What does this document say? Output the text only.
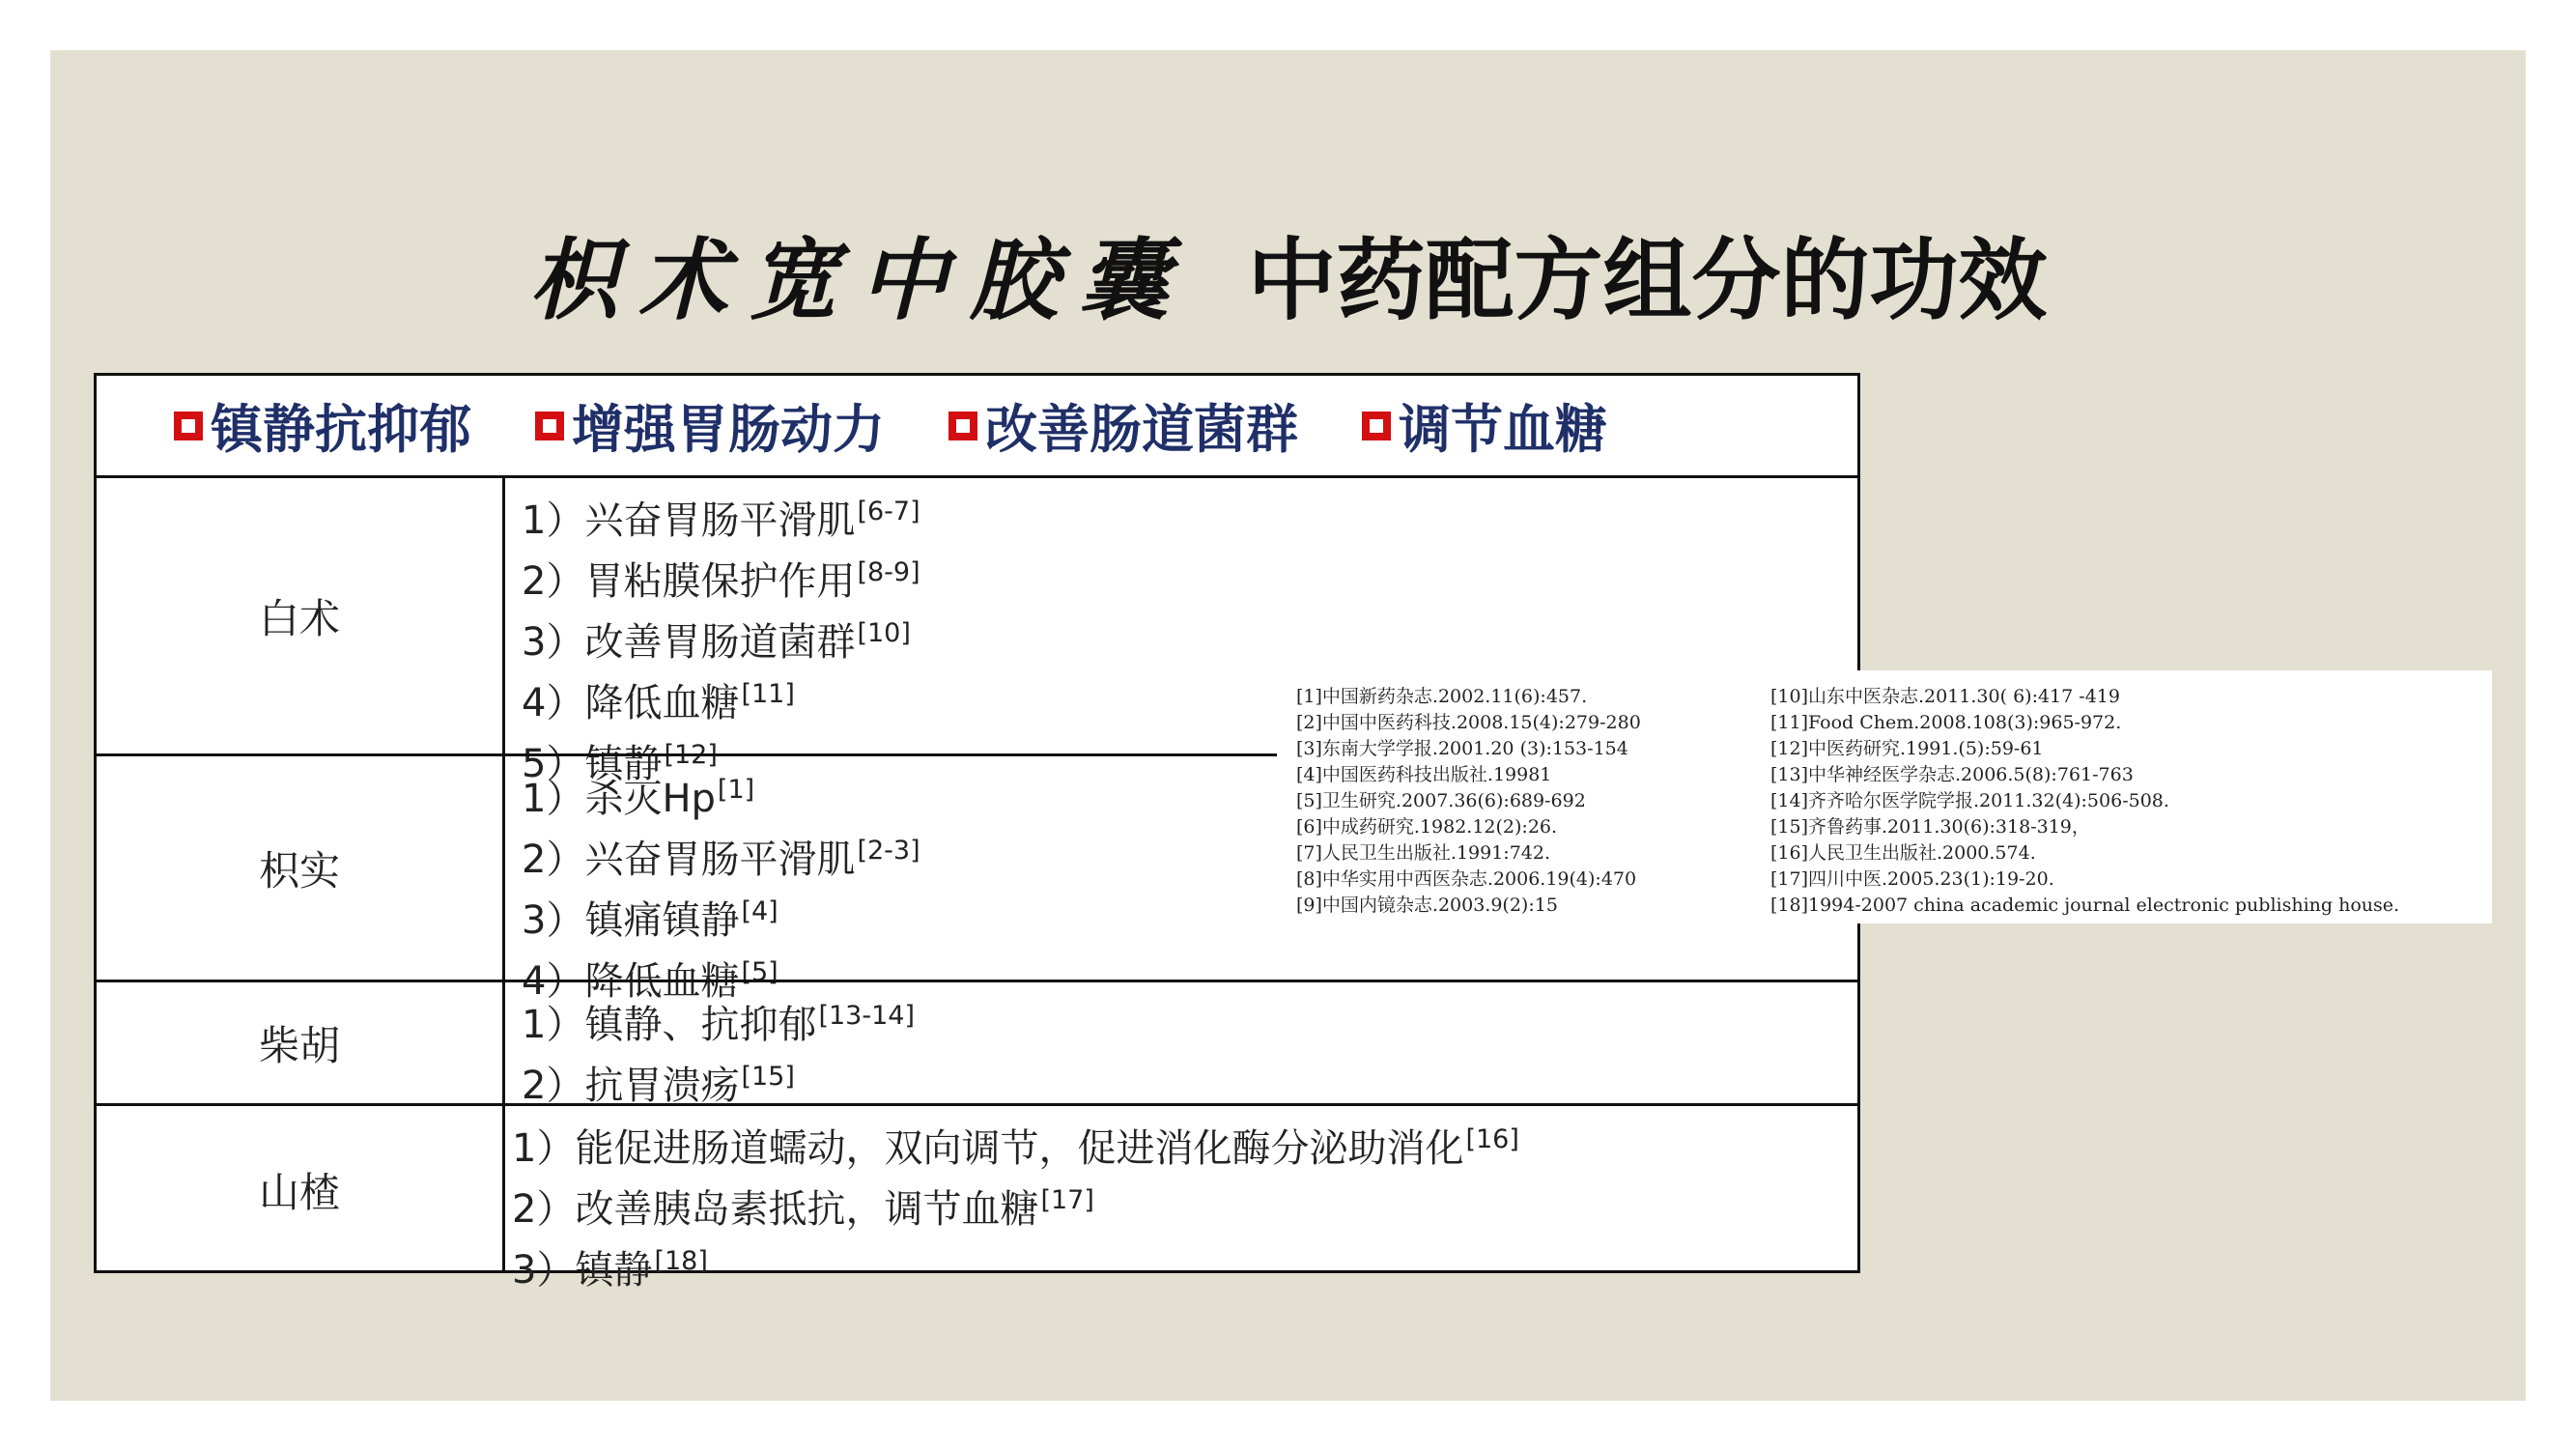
枳术宽中胶囊 中药配方组分的功效
镇静抗抑郁 增强胃肠动力 改善肠道菌群 调节血糖
白术
1）兴奋胃肠平滑肌[6-7]
2）胃粘膜保护作用[8-9]
3）改善胃肠道菌群[10]
4）降低血糖[11]
5）镇静[12]
枳实
1）杀灭Hp[1]
2）兴奋胃肠平滑肌[2-3]
3）镇痛镇静[4]
4）降低血糖[5]
柴胡	1）镇静、抗抑郁[13-14]
2）抗胃溃疡[15]
山楂
1）能促进肠道蠕动，双向调节，促进消化酶分泌助消化[16]
2）改善胰岛素抵抗，调节血糖[17]
3）镇静[18]
[1]中国新药杂志.2002.11(6):457.
[2]中国中医药科技.2008.15(4):279-280
[3]东南大学学报.2001.20 (3):153-154
[4]中国医药科技出版社.19981
[5]卫生研究.2007.36(6):689-692
[6]中成药研究.1982.12(2):26.
[7]人民卫生出版社.1991:742.
[8]中华实用中西医杂志.2006.19(4):470
[9]中国内镜杂志.2003.9(2):15
[10]山东中医杂志.2011.30( 6):417 -419
[11]Food Chem.2008.108(3):965-972.
[12]中医药研究.1991.(5):59-61
[13]中华神经医学杂志.2006.5(8):761-763
[14]齐齐哈尔医学院学报.2011.32(4):506-508.
[15]齐鲁药事.2011.30(6):318-319，
[16]人民卫生出版社.2000.574.
[17]四川中医.2005.23(1):19-20.
[18]1994-2007 china academic journal electronic publishing house.
